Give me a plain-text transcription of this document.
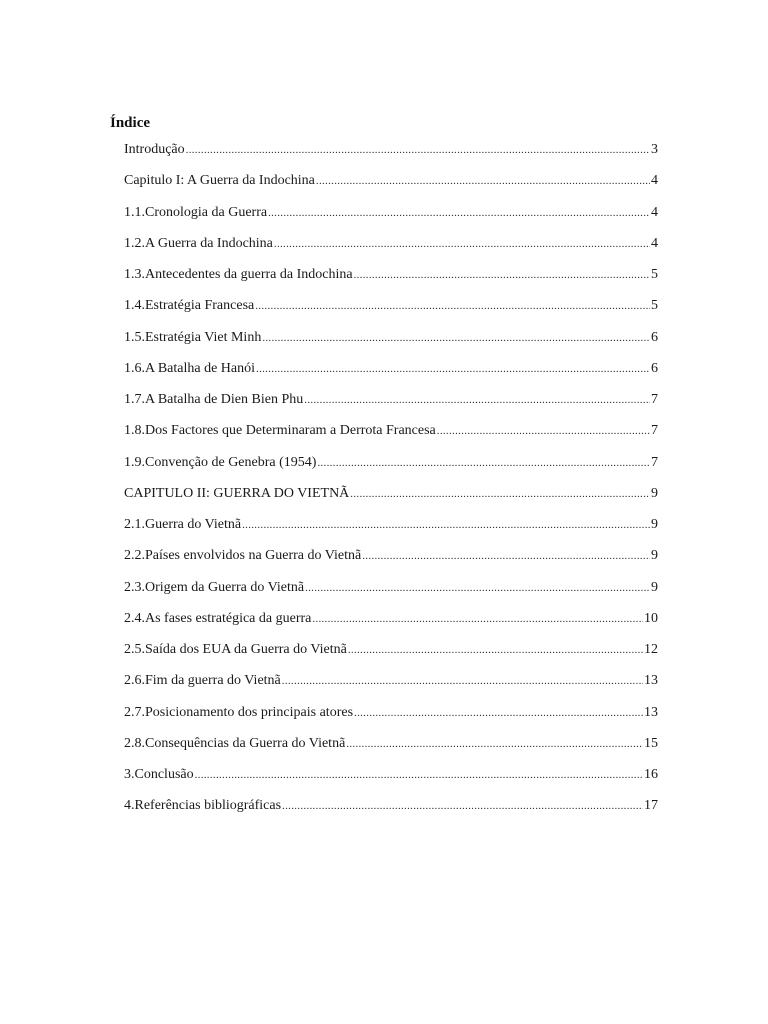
Índice
Introdução .....	3
Capitulo I: A Guerra da Indochina .....	4
1.1.Cronologia da Guerra .....	4
1.2.A Guerra da Indochina .....	4
1.3.Antecedentes da guerra da Indochina .....	5
1.4.Estratégia Francesa .....	5
1.5.Estratégia Viet Minh .....	6
1.6.A Batalha de Hanói .....	6
1.7.A Batalha de Dien Bien Phu .....	7
1.8.Dos Factores que Determinaram a Derrota Francesa .....	7
1.9.Convenção de Genebra (1954) .....	7
CAPITULO II: GUERRA DO VIETNÃ .....	9
2.1.Guerra do Vietnã .....	9
2.2.Países envolvidos na Guerra do Vietnã .....	9
2.3.Origem da Guerra do Vietnã .....	9
2.4.As fases estratégica da guerra .....	10
2.5.Saída dos EUA da Guerra do Vietnã .....	12
2.6.Fim da guerra do Vietnã .....	13
2.7.Posicionamento dos principais atores .....	13
2.8.Consequências da Guerra do Vietnã .....	15
3.Conclusão .....	16
4.Referências bibliográficas .....	17
